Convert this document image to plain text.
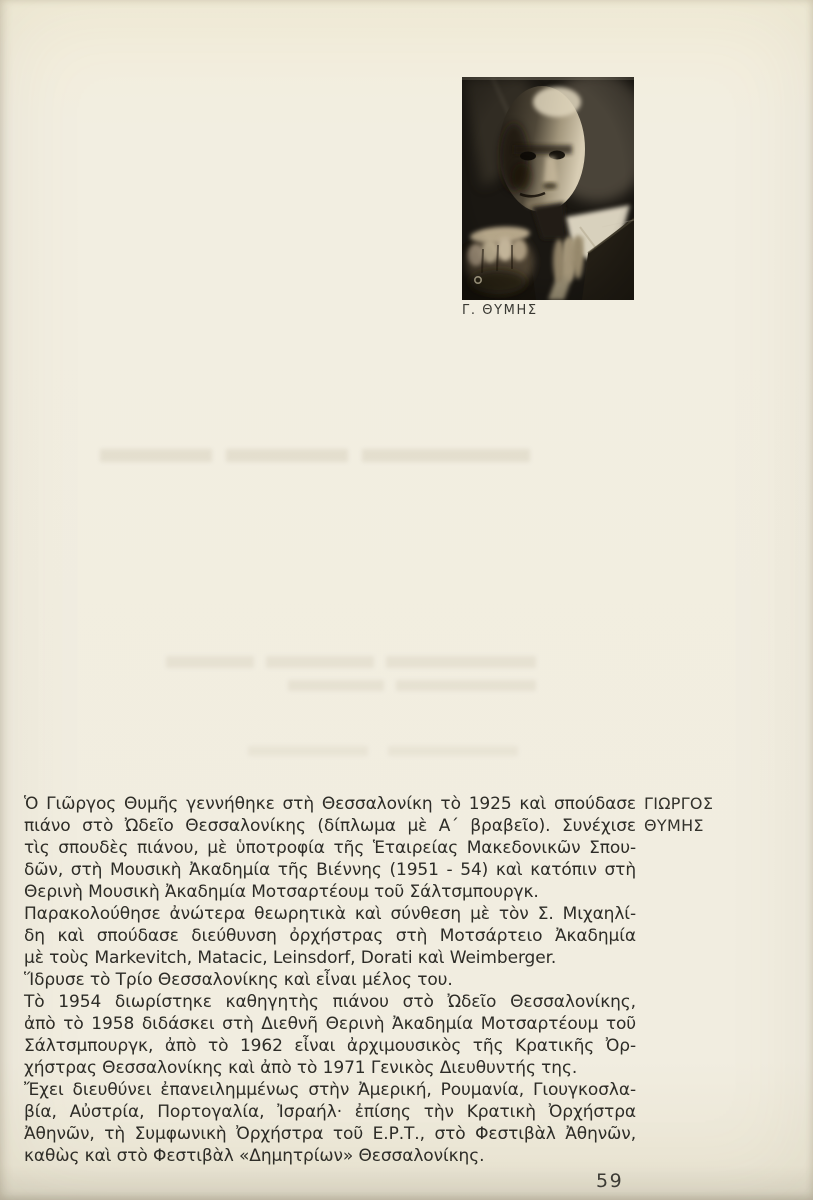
Γ. ΘΥΜΗΣ
Ὁ Γιῶργος Θυμῆς γεννήθηκε στὴ Θεσσαλονίκη τὸ 1925 καὶ σπούδασε
πιάνο στὸ Ὠδεῖο Θεσσαλονίκης (δίπλωμα μὲ Α΄ βραβεῖο). Συνέχισε
τὶς σπουδὲς πιάνου, μὲ ὑποτροφία τῆς Ἑταιρείας Μακεδονικῶν Σπου-
δῶν, στὴ Μουσικὴ Ἀκαδημία τῆς Βιέννης (1951 - 54) καὶ κατόπιν στὴ
Θερινὴ Μουσικὴ Ἀκαδημία Μοτσαρτέουμ τοῦ Σάλτσμπουργκ.
Παρακολούθησε ἀνώτερα θεωρητικὰ καὶ σύνθεση μὲ τὸν Σ. Μιχαηλί-
δη καὶ σπούδασε διεύθυνση ὀρχήστρας στὴ Μοτσάρτειο Ἀκαδημία
μὲ τοὺς Markevitch, Matacic, Leinsdorf, Dorati καὶ Weimberger.
Ἵδρυσε τὸ Τρίο Θεσσαλονίκης καὶ εἶναι μέλος του.
Τὸ 1954 διωρίστηκε καθηγητὴς πιάνου στὸ Ὠδεῖο Θεσσαλονίκης,
ἀπὸ τὸ 1958 διδάσκει στὴ Διεθνῆ Θερινὴ Ἀκαδημία Μοτσαρτέουμ τοῦ
Σάλτσμπουργκ, ἀπὸ τὸ 1962 εἶναι ἀρχιμουσικὸς τῆς Κρατικῆς Ὀρ-
χήστρας Θεσσαλονίκης καὶ ἀπὸ τὸ 1971 Γενικὸς Διευθυντής της.
Ἔχει διευθύνει ἐπανειλημμένως στὴν Ἀμερική, Ρουμανία, Γιουγκοσλα-
βία, Αὐστρία, Πορτογαλία, Ἰσραήλ· ἐπίσης τὴν Κρατικὴ Ὀρχήστρα
Ἀθηνῶν, τὴ Συμφωνικὴ Ὀρχήστρα τοῦ Ε.Ρ.Τ., στὸ Φεστιβὰλ Ἀθηνῶν,
καθὼς καὶ στὸ Φεστιβὰλ «Δημητρίων» Θεσσαλονίκης.
ΓΙΩΡΓΟΣ
ΘΥΜΗΣ
59
